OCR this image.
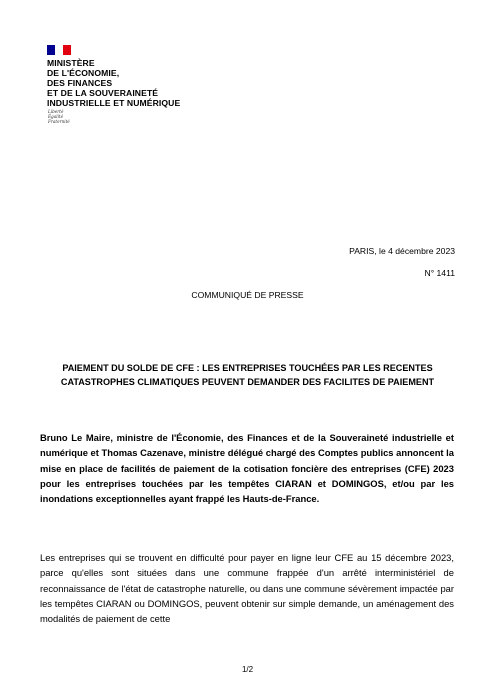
MINISTÈRE
DE L'ÉCONOMIE,
DES FINANCES
ET DE LA SOUVERAINETÉ
INDUSTRIELLE ET NUMÉRIQUE
Liberté
Égalité
Fraternité
PARIS, le 4 décembre 2023
N° 1411
COMMUNIQUÉ DE PRESSE
PAIEMENT DU SOLDE DE CFE : LES ENTREPRISES TOUCHÉES PAR LES RECENTES
CATASTROPHES CLIMATIQUES PEUVENT DEMANDER DES FACILITES DE PAIEMENT

Bruno Le Maire, ministre de l'Économie, des Finances et de la Souveraineté industrielle et numérique et Thomas Cazenave, ministre délégué chargé des Comptes publics annoncent la mise en place de facilités de paiement de la cotisation foncière des entreprises (CFE) 2023 pour les entreprises touchées par les tempêtes CIARAN et DOMINGOS, et/ou par les inondations exceptionnelles ayant frappé les Hauts-de-France.

Les entreprises qui se trouvent en difficulté pour payer en ligne leur CFE au 15 décembre 2023, parce qu'elles sont situées dans une commune frappée d'un arrêté interministériel de reconnaissance de l'état de catastrophe naturelle, ou dans une commune sévèrement impactée par les tempêtes CIARAN ou DOMINGOS, peuvent obtenir sur simple demande, un aménagement des modalités de paiement de cette

1/2
